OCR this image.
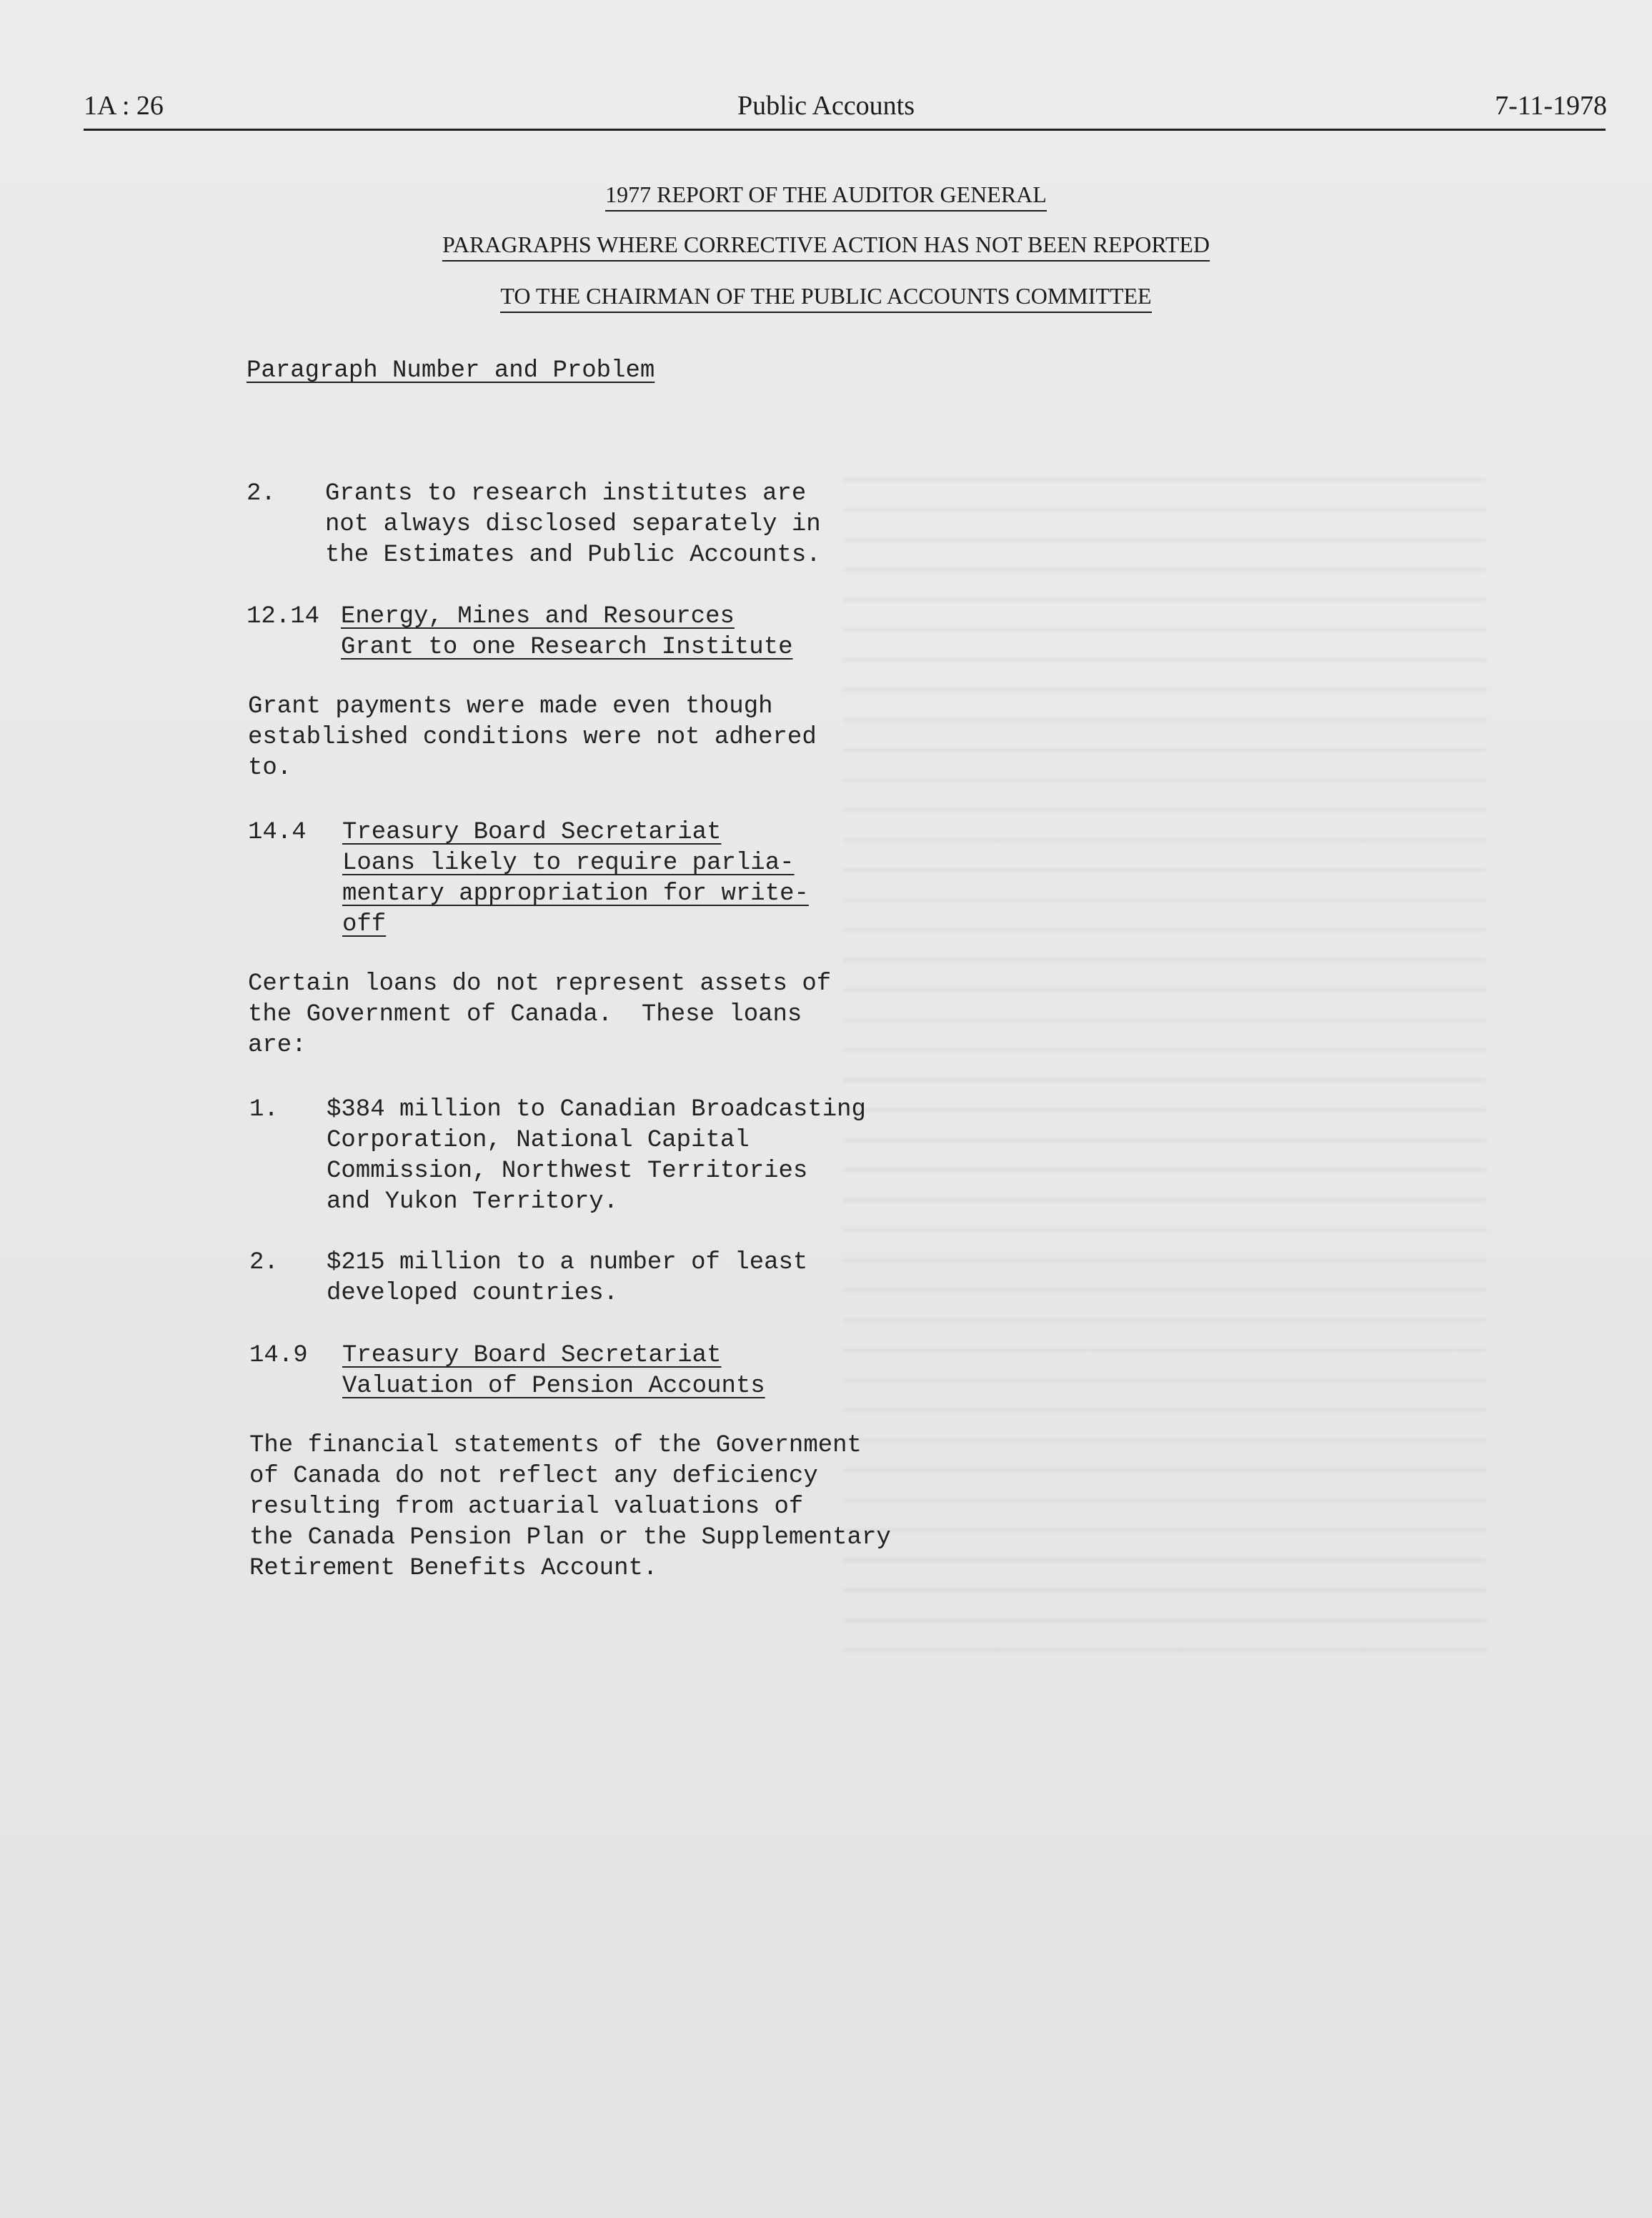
1A : 26	Public Accounts	7-11-1978
1977 REPORT OF THE AUDITOR GENERAL
PARAGRAPHS WHERE CORRECTIVE ACTION HAS NOT BEEN REPORTED
TO THE CHAIRMAN OF THE PUBLIC ACCOUNTS COMMITTEE
Paragraph Number and Problem
2. Grants to research institutes are
not always disclosed separately in
the Estimates and Public Accounts.
12.14 Energy, Mines and Resources
Grant to one Research Institute
Grant payments were made even though
established conditions were not adhered
to.
14.4 Treasury Board Secretariat
Loans likely to require parlia-
mentary appropriation for write-
off
Certain loans do not represent assets of
the Government of Canada.  These loans
are:
1. $384 million to Canadian Broadcasting
Corporation, National Capital
Commission, Northwest Territories
and Yukon Territory.
2. $215 million to a number of least
developed countries.
14.9 Treasury Board Secretariat
Valuation of Pension Accounts
The financial statements of the Government
of Canada do not reflect any deficiency
resulting from actuarial valuations of
the Canada Pension Plan or the Supplementary
Retirement Benefits Account.
